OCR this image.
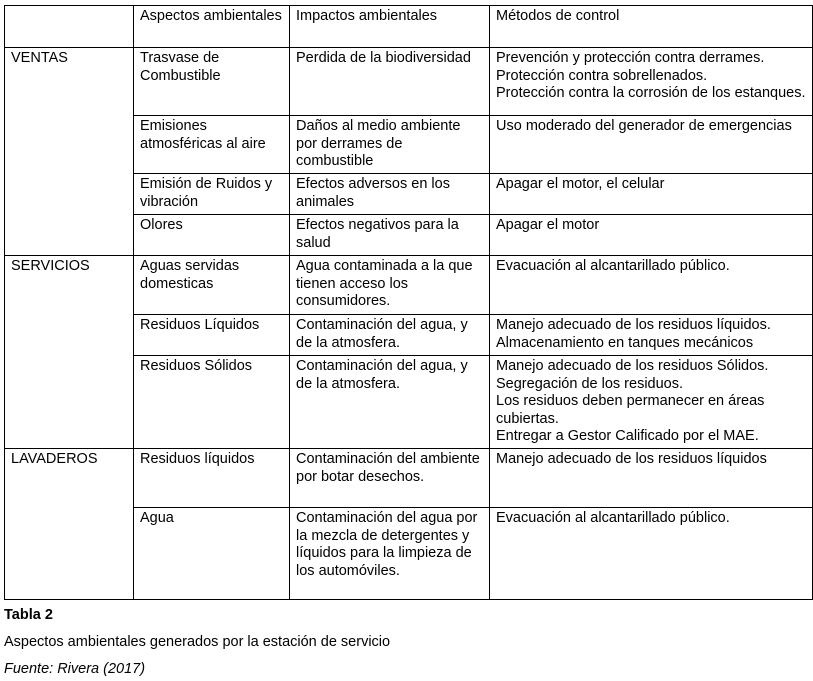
	Aspectos ambientales	Impactos ambientales	Métodos de control
VENTAS	Trasvase de Combustible	Perdida de la biodiversidad	Prevención y protección contra derrames.
Protección contra sobrellenados.
Protección contra la corrosión de los estanques.

	Emisiones atmosféricas al aire	Daños al medio ambiente por derrames de combustible	Uso moderado del generador de emergencias

	Emisión de Ruidos y vibración	Efectos adversos en los animales	Apagar el motor, el celular

	Olores	Efectos negativos para la salud	Apagar el motor

SERVICIOS	Aguas servidas domesticas	Agua contaminada a la que tienen acceso los consumidores.	Evacuación al alcantarillado público.

	Residuos Líquidos	Contaminación del agua, y de la atmosfera.	Manejo adecuado de los residuos líquidos.
Almacenamiento en tanques mecánicos

	Residuos Sólidos	Contaminación del agua, y de la atmosfera.	Manejo adecuado de los residuos Sólidos.
Segregación de los residuos.
Los residuos deben permanecer en áreas cubiertas.
Entregar a Gestor Calificado por el MAE.

LAVADEROS	Residuos líquidos	Contaminación del ambiente por botar desechos.	Manejo adecuado de los residuos líquidos

	Agua	Contaminación del agua por la mezcla de detergentes y líquidos para la limpieza de los automóviles.	Evacuación al alcantarillado público.
Tabla 2
Aspectos ambientales generados por la estación de servicio
Fuente: Rivera (2017)
